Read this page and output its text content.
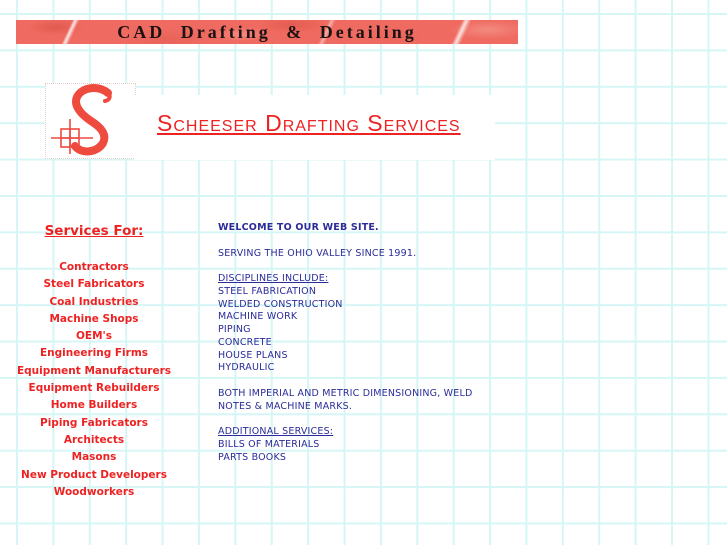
CAD Drafting & Detailing
Scheeser Drafting Services
Services For:
Contractors
Steel Fabricators
Coal Industries
Machine Shops
OEM's
Engineering Firms
Equipment Manufacturers
Equipment Rebuilders
Home Builders
Piping Fabricators
Architects
Masons
New Product Developers
Woodworkers
WELCOME TO OUR WEB SITE.
SERVING THE OHIO VALLEY SINCE 1991.
DISCIPLINES INCLUDE:
STEEL FABRICATION
WELDED CONSTRUCTION
MACHINE WORK
PIPING
CONCRETE
HOUSE PLANS
HYDRAULIC
BOTH IMPERIAL AND METRIC DIMENSIONING, WELD
NOTES & MACHINE MARKS.
ADDITIONAL SERVICES:
BILLS OF MATERIALS
PARTS BOOKS
